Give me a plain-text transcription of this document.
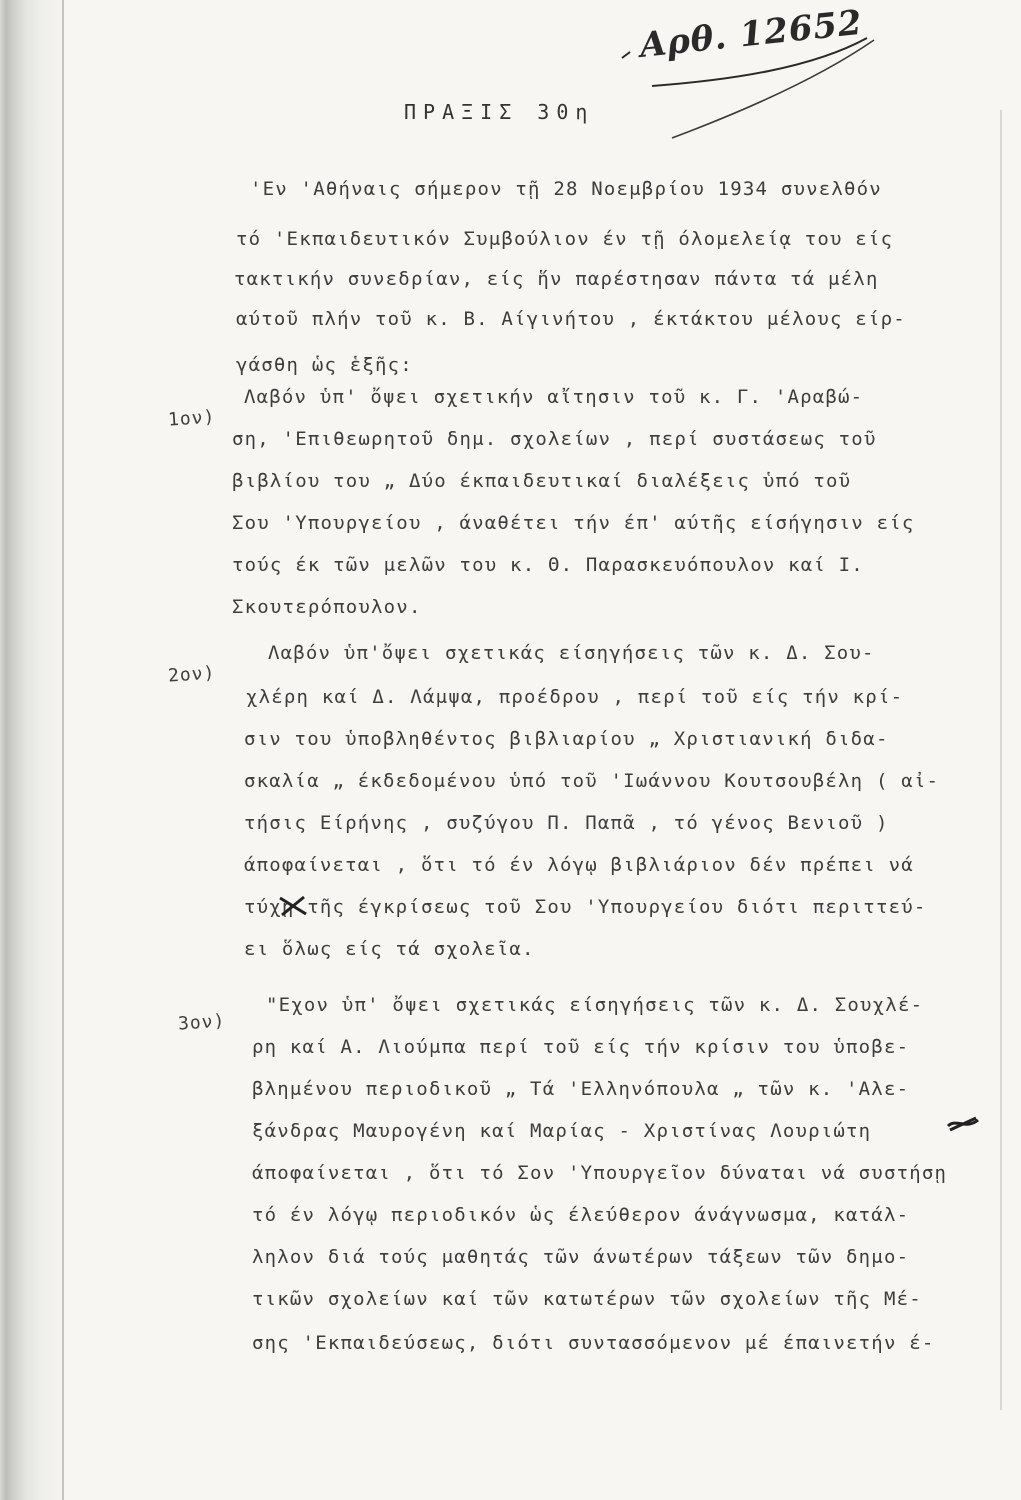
Αρθ. 12652
ΠΡΑΞΙΣ 30η
'Εν 'Αθήναις σήμερον τῇ 28 Νοεμβρίου 1934 συνελθόν
τό 'Εκπαιδευτικόν Συμβούλιον έν τῇ όλομελείᾳ του είς
τακτικήν συνεδρίαν, είς ἥν παρέστησαν πάντα τά μέλη
αύτοῦ πλήν τοῦ κ. Β. Αίγινήτου , έκτάκτου μέλους είρ-
γάσθη ὡς ἑξῆς:
1ον)
Λαβόν ὑπ' ὄψει σχετικήν αἴτησιν τοῦ κ. Γ. 'Αραβώ-
ση, 'Επιθεωρητοῦ δημ. σχολείων , περί συστάσεως τοῦ
βιβλίου του „ Δύο έκπαιδευτικαί διαλέξεις ὑπό τοῦ
Σου 'Υπουργείου , άναθέτει τήν έπ' αύτῆς είσήγησιν είς
τούς έκ τῶν μελῶν του κ. Θ. Παρασκευόπουλον καί Ι.
Σκουτερόπουλον.
2ον)
Λαβόν ὑπ'ὄψει σχετικάς είσηγήσεις τῶν κ. Δ. Σου-
χλέρη καί Δ. Λάμψα, προέδρου , περί τοῦ είς τήν κρί-
σιν του ὑποβληθέντος βιβλιαρίου „ Χριστιανική διδα-
σκαλία „ έκδεδομένου ὑπό τοῦ 'Ιωάννου Κουτσουβέλη ( αἰ-
τήσις Είρήνης , συζύγου Π. Παπᾶ , τό γένος Βενιοῦ )
άποφαίνεται , ὅτι τό έν λόγῳ βιβλιάριον δέν πρέπει νά
τύχῃ τῆς έγκρίσεως τοῦ Σου 'Υπουργείου διότι περιττεύ-
ει ὅλως είς τά σχολεῖα.
3ον)
"Εχον ὑπ' ὄψει σχετικάς είσηγήσεις τῶν κ. Δ. Σουχλέ-
ρη καί Α. Λιούμπα περί τοῦ είς τήν κρίσιν του ὑποβε-
βλημένου περιοδικοῦ „ Τά 'Ελληνόπουλα „ τῶν κ. 'Αλε-
ξάνδρας Μαυρογένη καί Μαρίας - Χριστίνας Λουριώτη
άποφαίνεται , ὅτι τό Σον 'Υπουργεῖον δύναται νά συστήσῃ
τό έν λόγῳ περιοδικόν ὡς έλεύθερον άνάγνωσμα, κατάλ-
ληλον διά τούς μαθητάς τῶν άνωτέρων τάξεων τῶν δημο-
τικῶν σχολείων καί τῶν κατωτέρων τῶν σχολείων τῆς Μέ-
σης 'Εκπαιδεύσεως, διότι συντασσόμενον μέ έπαινετήν έ-
